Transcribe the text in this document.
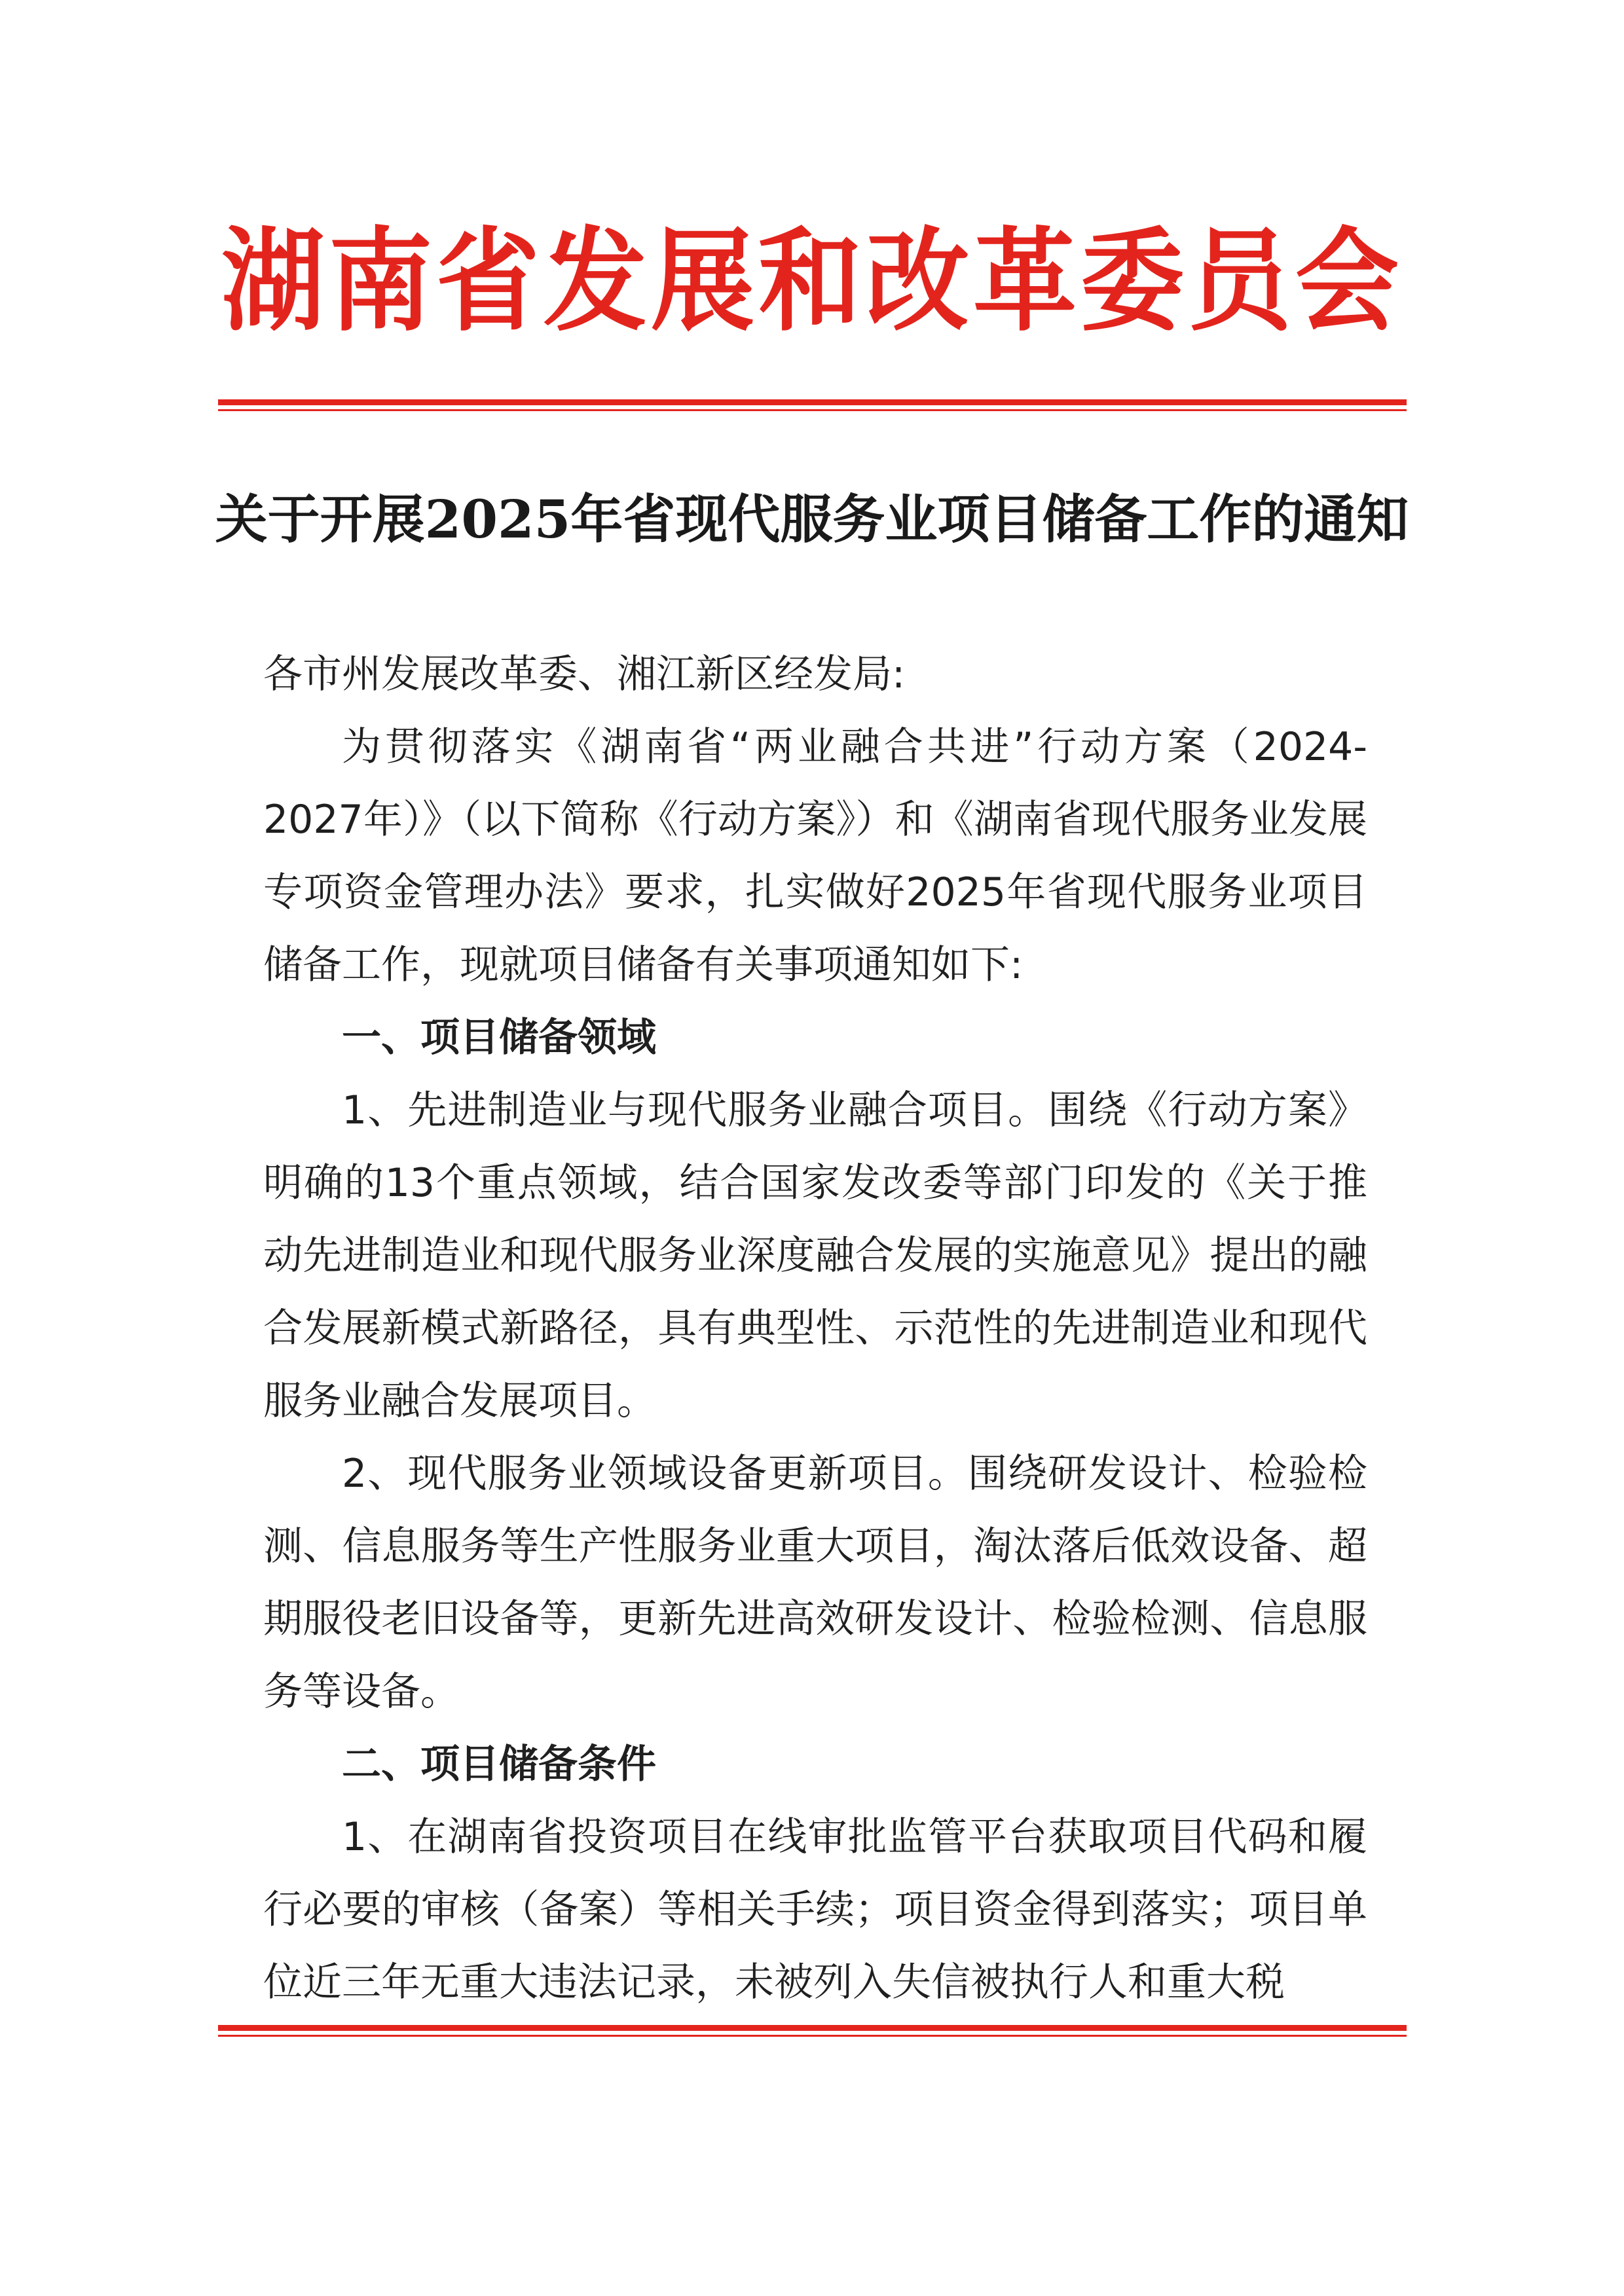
湖南省发展和改革委员会
关于开展2025年省现代服务业项目储备工作的通知

各市州发展改革委、湘江新区经发局:

为贯彻落实《湖南省“两业融合共进”行动方案（2024-2027年）》（以下简称《行动方案》）和《湖南省现代服务业发展专项资金管理办法》要求，扎实做好2025年省现代服务业项目储备工作，现就项目储备有关事项通知如下:

一、项目储备领域

1、先进制造业与现代服务业融合项目。围绕《行动方案》明确的13个重点领域，结合国家发改委等部门印发的《关于推动先进制造业和现代服务业深度融合发展的实施意见》提出的融合发展新模式新路径，具有典型性、示范性的先进制造业和现代服务业融合发展项目。

2、现代服务业领域设备更新项目。围绕研发设计、检验检测、信息服务等生产性服务业重大项目，淘汰落后低效设备、超期服役老旧设备等，更新先进高效研发设计、检验检测、信息服务等设备。

二、项目储备条件

1、在湖南省投资项目在线审批监管平台获取项目代码和履行必要的审核（备案）等相关手续；项目资金得到落实；项目单位近三年无重大违法记录，未被列入失信被执行人和重大税
